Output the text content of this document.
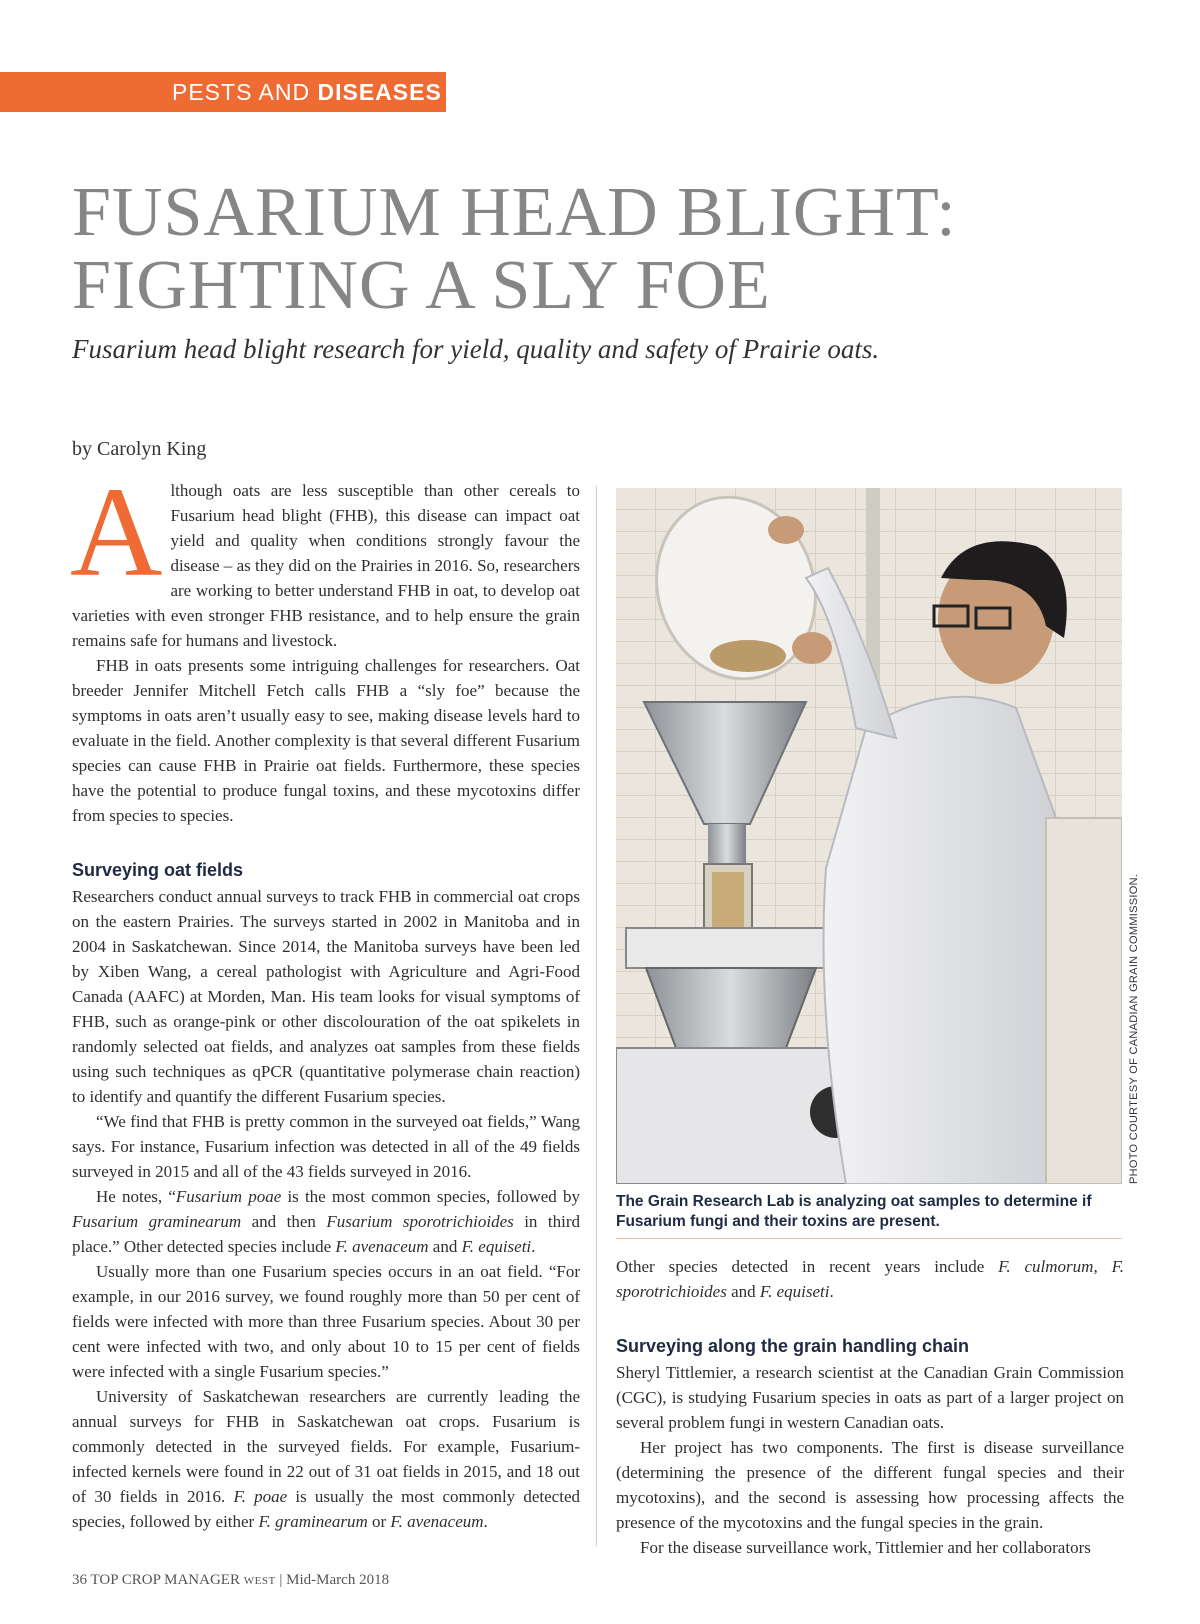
PESTS AND DISEASES
FUSARIUM HEAD BLIGHT:
FIGHTING A SLY FOE
Fusarium head blight research for yield, quality and safety of Prairie oats.
by Carolyn King

Although oats are less susceptible than other cereals to Fusarium head blight (FHB), this disease can impact oat yield and quality when conditions strongly favour the disease – as they did on the Prairies in 2016. So, researchers are working to better understand FHB in oat, to develop oat varieties with even stronger FHB resistance, and to help ensure the grain remains safe for humans and livestock.

FHB in oats presents some intriguing challenges for researchers. Oat breeder Jennifer Mitchell Fetch calls FHB a “sly foe” because the symptoms in oats aren’t usually easy to see, making disease levels hard to evaluate in the field. Another complexity is that several different Fusarium species can cause FHB in Prairie oat fields. Furthermore, these species have the potential to produce fungal toxins, and these mycotoxins differ from species to species.

Surveying oat fields

Researchers conduct annual surveys to track FHB in commercial oat crops on the eastern Prairies. The surveys started in 2002 in Manitoba and in 2004 in Saskatchewan. Since 2014, the Manitoba surveys have been led by Xiben Wang, a cereal pathologist with Agriculture and Agri-Food Canada (AAFC) at Morden, Man. His team looks for visual symptoms of FHB, such as orange-pink or other discolouration of the oat spikelets in randomly selected oat fields, and analyzes oat samples from these fields using such techniques as qPCR (quantitative polymerase chain reaction) to identify and quantify the different Fusarium species.

“We find that FHB is pretty common in the surveyed oat fields,” Wang says. For instance, Fusarium infection was detected in all of the 49 fields surveyed in 2015 and all of the 43 fields surveyed in 2016.

He notes, “Fusarium poae is the most common species, followed by Fusarium graminearum and then Fusarium sporotrichioides in third place.” Other detected species include F. avenaceum and F. equiseti.

Usually more than one Fusarium species occurs in an oat field. “For example, in our 2016 survey, we found roughly more than 50 per cent of fields were infected with more than three Fusarium species. About 30 per cent were infected with two, and only about 10 to 15 per cent of fields were infected with a single Fusarium species.”

University of Saskatchewan researchers are currently leading the annual surveys for FHB in Saskatchewan oat crops. Fusarium is commonly detected in the surveyed fields. For example, Fusarium-infected kernels were found in 22 out of 31 oat fields in 2015, and 18 out of 30 fields in 2016. F. poae is usually the most commonly detected species, followed by either F. graminearum or F. avenaceum.

PHOTO COURTESY OF CANADIAN GRAIN COMMISSION.
The Grain Research Lab is analyzing oat samples to determine if Fusarium fungi and their toxins are present.

Other species detected in recent years include F. culmorum, F. sporotrichioides and F. equiseti.

Surveying along the grain handling chain

Sheryl Tittlemier, a research scientist at the Canadian Grain Commission (CGC), is studying Fusarium species in oats as part of a larger project on several problem fungi in western Canadian oats.

Her project has two components. The first is disease surveillance (determining the presence of the different fungal species and their mycotoxins), and the second is assessing how processing affects the presence of the mycotoxins and the fungal species in the grain.

For the disease surveillance work, Tittlemier and her collaborators

36 TOP CROP MANAGER WEST | Mid-March 2018
